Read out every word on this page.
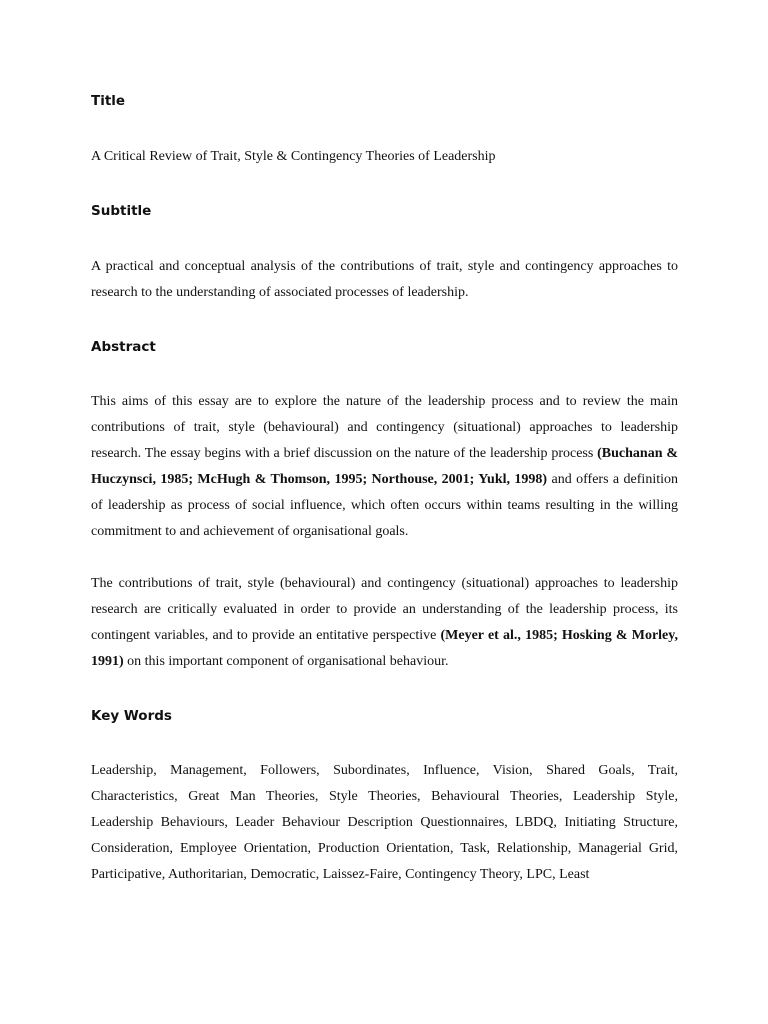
Title

A Critical Review of Trait, Style & Contingency Theories of Leadership

Subtitle

A practical and conceptual analysis of the contributions of trait, style and contingency approaches to research to the understanding of associated processes of leadership.

Abstract

This aims of this essay are to explore the nature of the leadership process and to review the main contributions of trait, style (behavioural) and contingency (situational) approaches to leadership research. The essay begins with a brief discussion on the nature of the leadership process (Buchanan & Huczynsci, 1985; McHugh & Thomson, 1995; Northouse, 2001; Yukl, 1998) and offers a definition of leadership as process of social influence, which often occurs within teams resulting in the willing commitment to and achievement of organisational goals.

The contributions of trait, style (behavioural) and contingency (situational) approaches to leadership research are critically evaluated in order to provide an understanding of the leadership process, its contingent variables, and to provide an entitative perspective (Meyer et al., 1985; Hosking & Morley, 1991) on this important component of organisational behaviour.

Key Words

Leadership, Management, Followers, Subordinates, Influence, Vision, Shared Goals, Trait, Characteristics, Great Man Theories, Style Theories, Behavioural Theories, Leadership Style, Leadership Behaviours, Leader Behaviour Description Questionnaires, LBDQ, Initiating Structure, Consideration, Employee Orientation, Production Orientation, Task, Relationship, Managerial Grid, Participative, Authoritarian, Democratic, Laissez-Faire, Contingency Theory, LPC, Least
